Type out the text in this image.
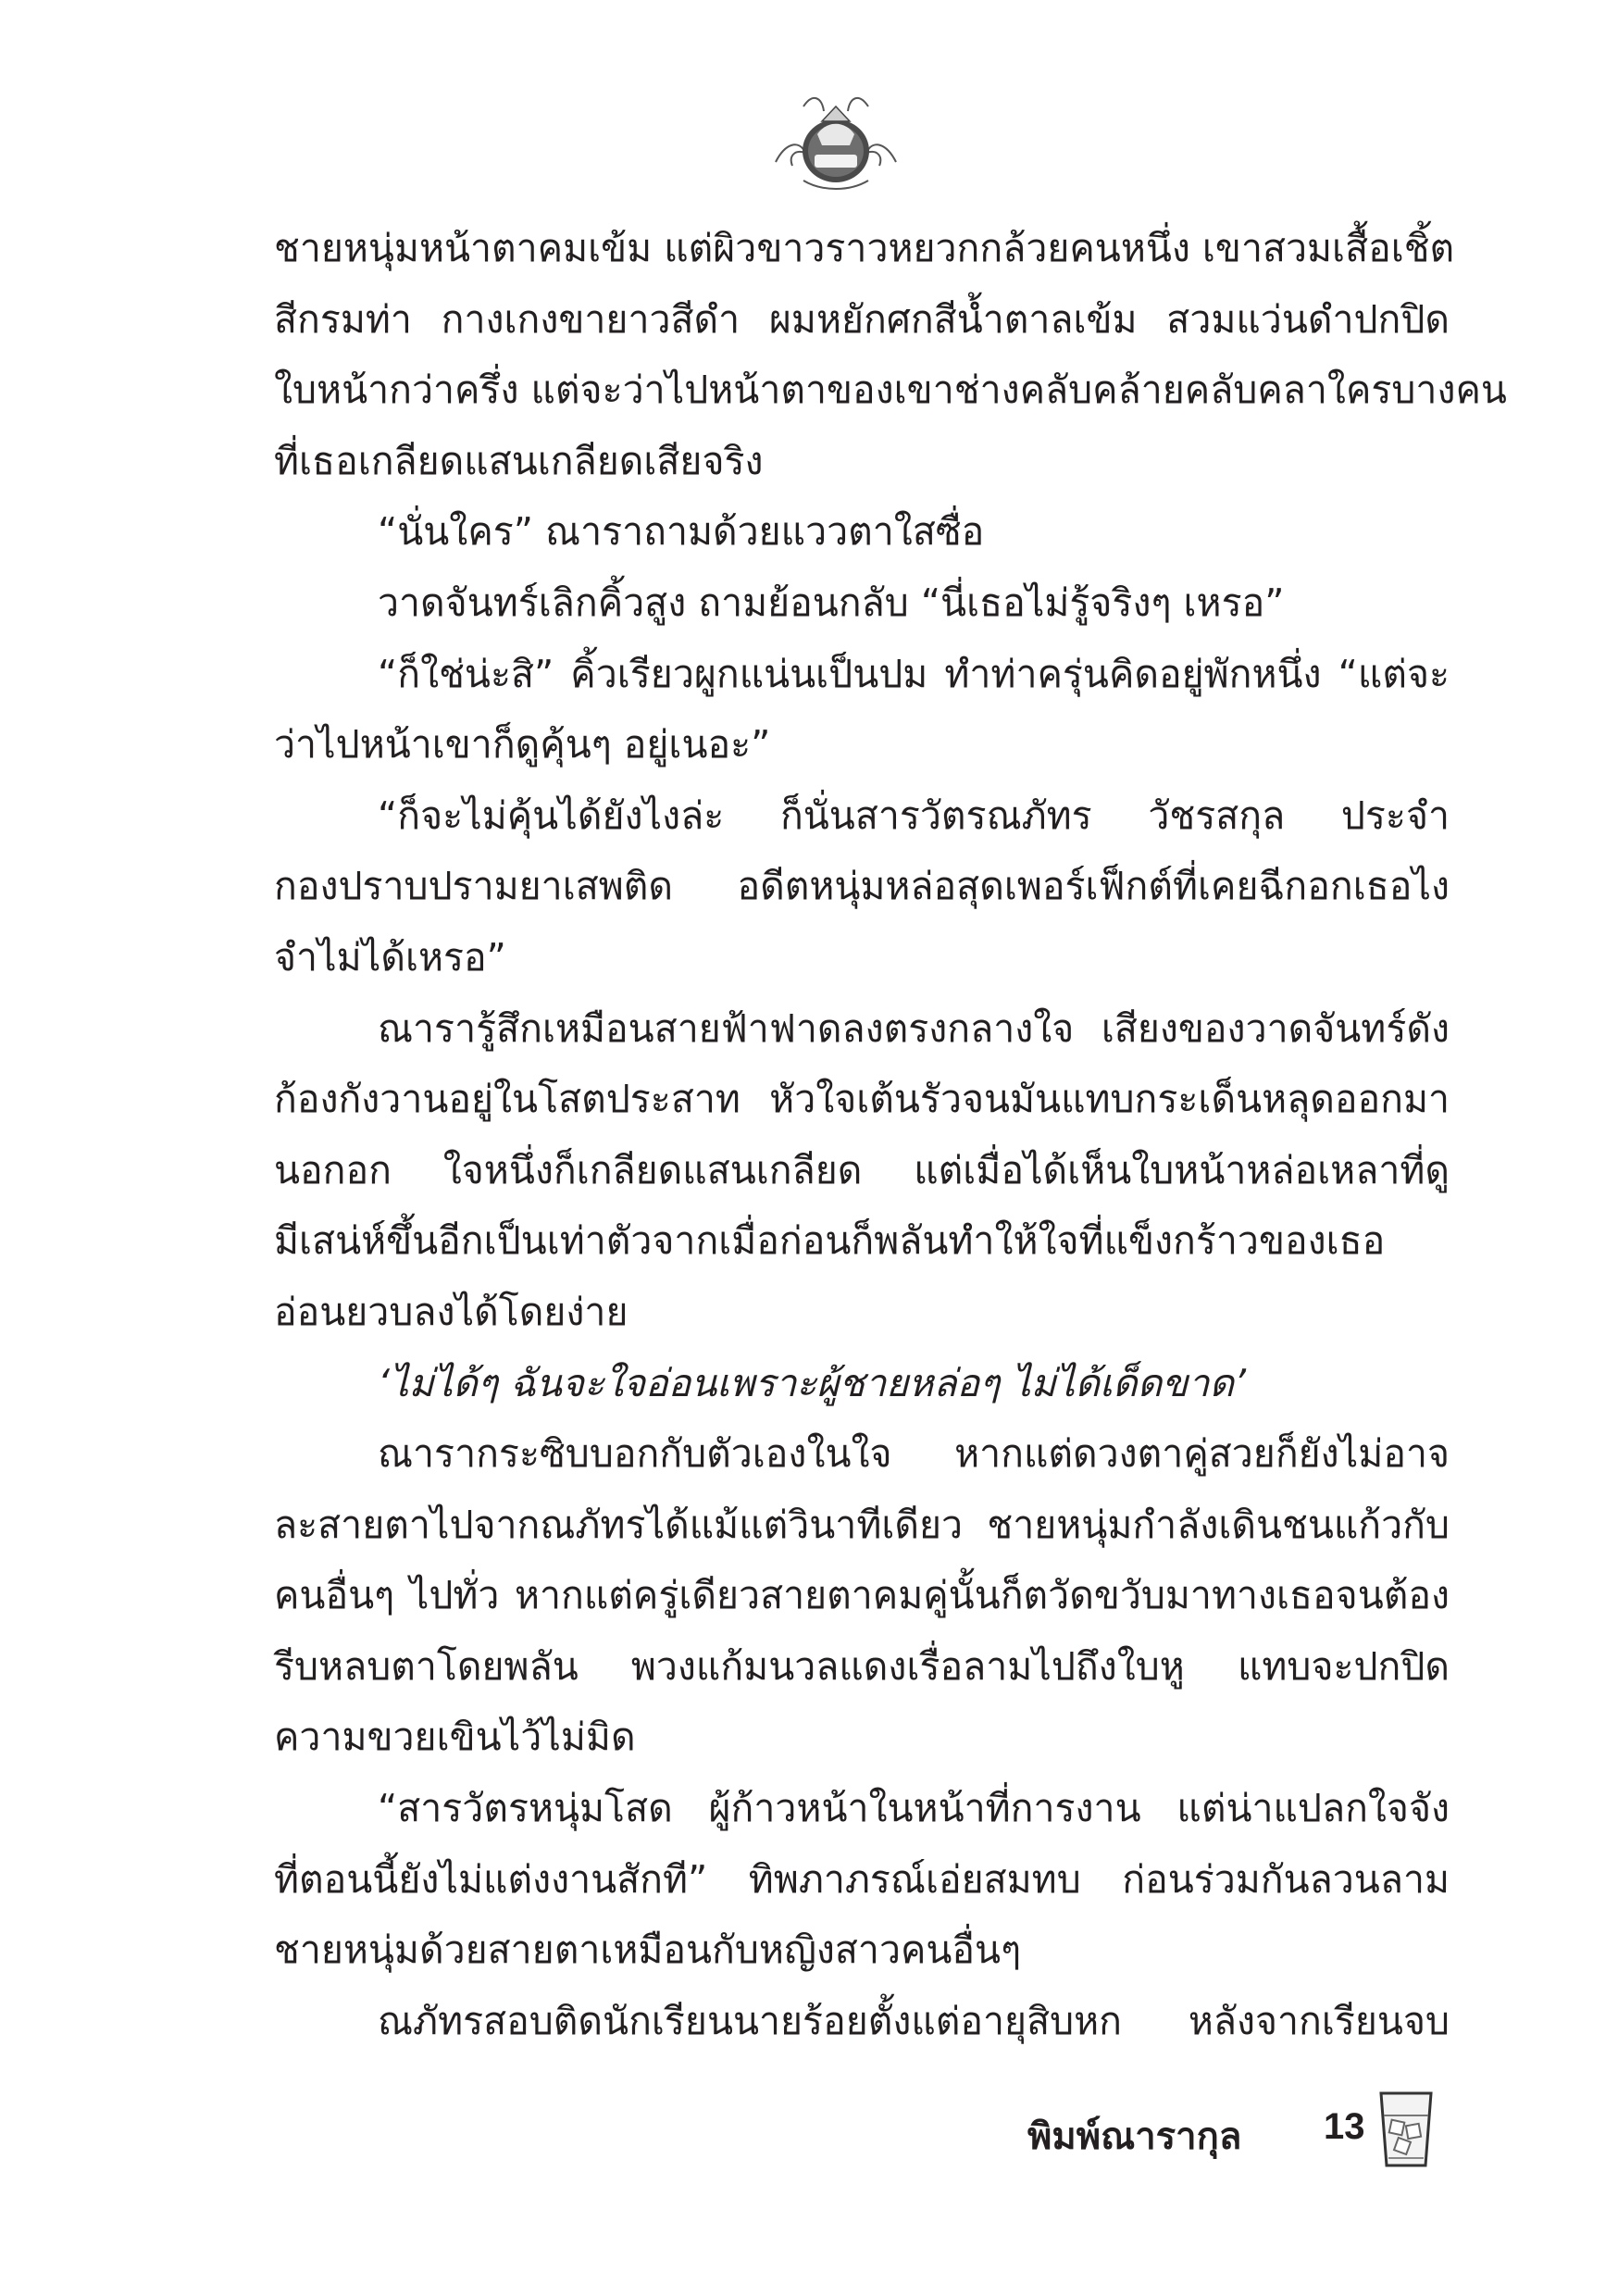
ชายหนุ่มหน้าตาคมเข้ม แต่ผิวขาวราวหยวกกล้วยคนหนึ่ง เขาสวมเสื้อเชิ้ต
สีกรมท่า กางเกงขายาวสีดำ ผมหยักศกสีน้ำตาลเข้ม สวมแว่นดำปกปิด
ใบหน้ากว่าครึ่ง แต่จะว่าไปหน้าตาของเขาช่างคลับคล้ายคลับคลาใครบางคน
ที่เธอเกลียดแสนเกลียดเสียจริง
“นั่นใคร” ณาราถามด้วยแววตาใสซื่อ
วาดจันทร์เลิกคิ้วสูง ถามย้อนกลับ “นี่เธอไม่รู้จริงๆ เหรอ”
“ก็ใช่น่ะสิ” คิ้วเรียวผูกแน่นเป็นปม ทำท่าครุ่นคิดอยู่พักหนึ่ง “แต่จะ
ว่าไปหน้าเขาก็ดูคุ้นๆ อยู่เนอะ”
“ก็จะไม่คุ้นได้ยังไงล่ะ ก็นั่นสารวัตรณภัทร วัชรสกุล ประจำ
กองปราบปรามยาเสพติด อดีตหนุ่มหล่อสุดเพอร์เฟ็กต์ที่เคยฉีกอกเธอไง
จำไม่ได้เหรอ”
ณารารู้สึกเหมือนสายฟ้าฟาดลงตรงกลางใจ เสียงของวาดจันทร์ดัง
ก้องกังวานอยู่ในโสตประสาท หัวใจเต้นรัวจนมันแทบกระเด็นหลุดออกมา
นอกอก ใจหนึ่งก็เกลียดแสนเกลียด แต่เมื่อได้เห็นใบหน้าหล่อเหลาที่ดู
มีเสน่ห์ขึ้นอีกเป็นเท่าตัวจากเมื่อก่อนก็พลันทำให้ใจที่แข็งกร้าวของเธอ
อ่อนยวบลงได้โดยง่าย
‘ไม่ได้ๆ ฉันจะใจอ่อนเพราะผู้ชายหล่อๆ ไม่ได้เด็ดขาด’
ณารากระซิบบอกกับตัวเองในใจ หากแต่ดวงตาคู่สวยก็ยังไม่อาจ
ละสายตาไปจากณภัทรได้แม้แต่วินาทีเดียว ชายหนุ่มกำลังเดินชนแก้วกับ
คนอื่นๆ ไปทั่ว หากแต่ครู่เดียวสายตาคมคู่นั้นก็ตวัดขวับมาทางเธอจนต้อง
รีบหลบตาโดยพลัน พวงแก้มนวลแดงเรื่อลามไปถึงใบหู แทบจะปกปิด
ความขวยเขินไว้ไม่มิด
“สารวัตรหนุ่มโสด ผู้ก้าวหน้าในหน้าที่การงาน แต่น่าแปลกใจจัง
ที่ตอนนี้ยังไม่แต่งงานสักที” ทิพภาภรณ์เอ่ยสมทบ ก่อนร่วมกันลวนลาม
ชายหนุ่มด้วยสายตาเหมือนกับหญิงสาวคนอื่นๆ
ณภัทรสอบติดนักเรียนนายร้อยตั้งแต่อายุสิบหก หลังจากเรียนจบ
พิมพ์ณารากุล 13
